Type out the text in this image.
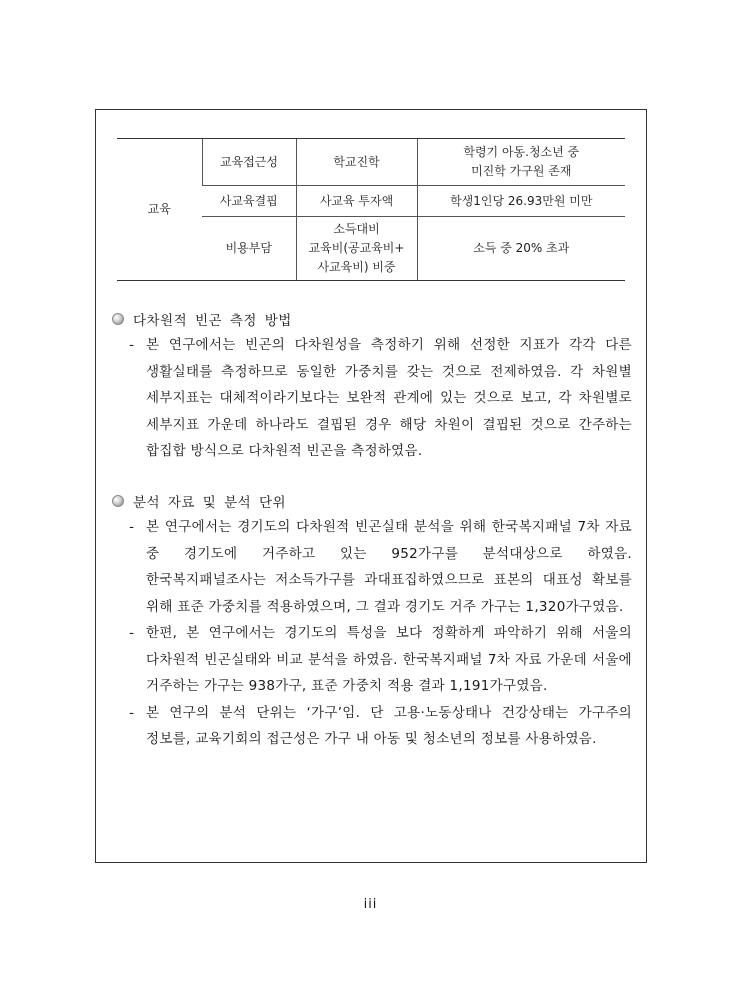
교육	교육접근성	학교진학	학령기 아동.청소년 중
미진학 가구원 존재
	사교육결핍	사교육 투자액	학생1인당 26.93만원 미만
	비용부담	소득대비
교육비(공교육비+
사교육비) 비중	소득 중 20% 초과
다차원적 빈곤 측정 방법
- 본 연구에서는 빈곤의 다차원성을 측정하기 위해 선정한 지표가 각각 다른 생활실태를 측정하므로 동일한 가중치를 갖는 것으로 전제하였음. 각 차원별 세부지표는 대체적이라기보다는 보완적 관계에 있는 것으로 보고, 각 차원별로 세부지표 가운데 하나라도 결핍된 경우 해당 차원이 결핍된 것으로 간주하는 합집합 방식으로 다차원적 빈곤을 측정하였음.
분석 자료 및 분석 단위
- 본 연구에서는 경기도의 다차원적 빈곤실태 분석을 위해 한국복지패널 7차 자료 중 경기도에 거주하고 있는 952가구를 분석대상으로 하였음. 한국복지패널조사는 저소득가구를 과대표집하였으므로 표본의 대표성 확보를 위해 표준 가중치를 적용하였으며, 그 결과 경기도 거주 가구는 1,320가구였음.
- 한편, 본 연구에서는 경기도의 특성을 보다 정확하게 파악하기 위해 서울의 다차원적 빈곤실태와 비교 분석을 하였음. 한국복지패널 7차 자료 가운데 서울에 거주하는 가구는 938가구, 표준 가중치 적용 결과 1,191가구였음.
- 본 연구의 분석 단위는 ‘가구’임. 단 고용·노동상태나 건강상태는 가구주의 정보를, 교육기회의 접근성은 가구 내 아동 및 청소년의 정보를 사용하였음.
iii
